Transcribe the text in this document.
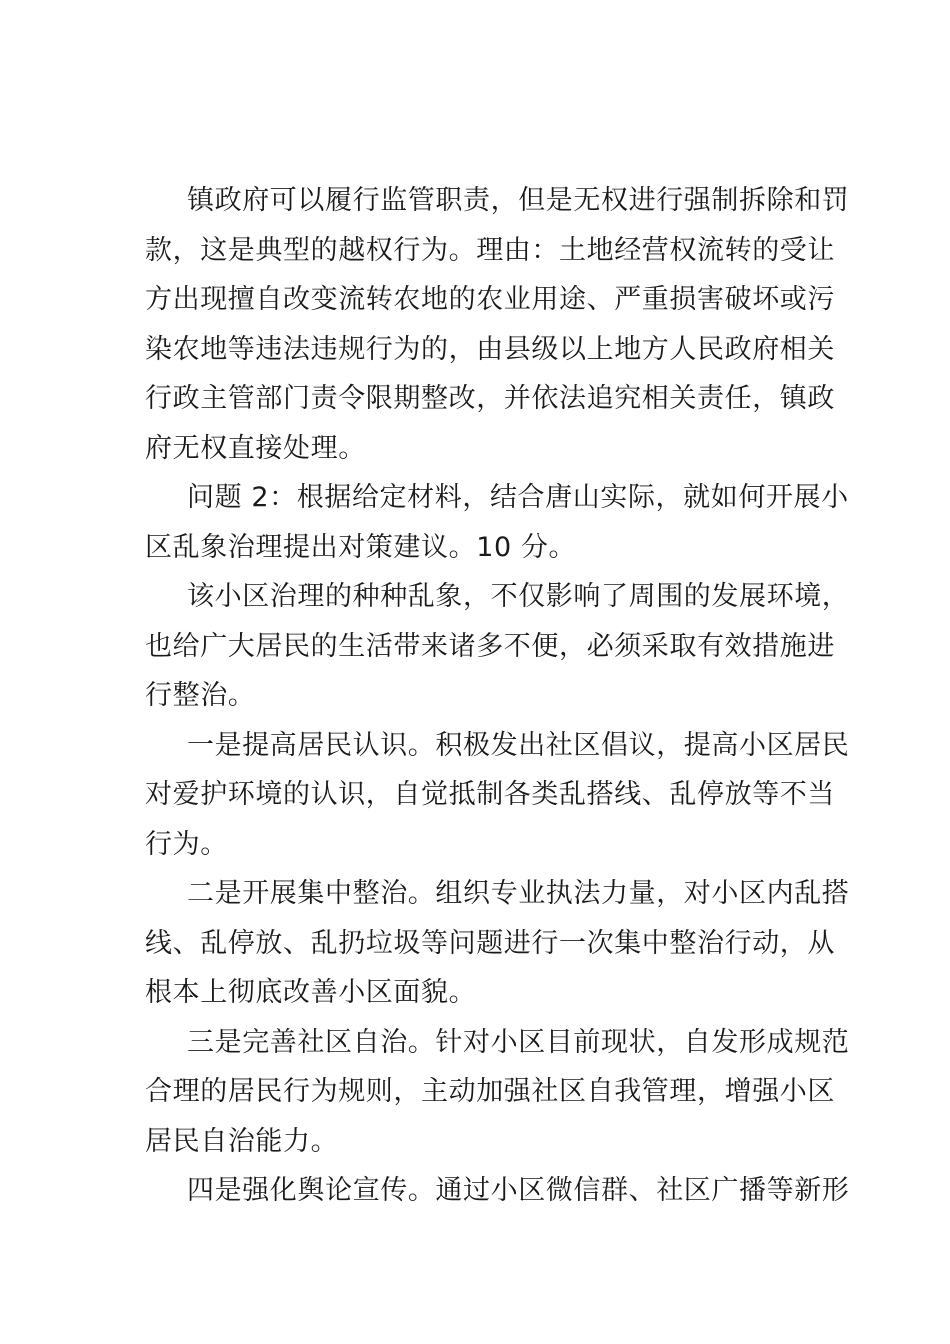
镇政府可以履行监管职责，但是无权进行强制拆除和罚
款，这是典型的越权行为。理由：土地经营权流转的受让
方出现擅自改变流转农地的农业用途、严重损害破坏或污
染农地等违法违规行为的，由县级以上地方人民政府相关
行政主管部门责令限期整改，并依法追究相关责任，镇政
府无权直接处理。
问题 2：根据给定材料，结合唐山实际，就如何开展小
区乱象治理提出对策建议。10 分。
该小区治理的种种乱象，不仅影响了周围的发展环境，
也给广大居民的生活带来诸多不便，必须采取有效措施进
行整治。
一是提高居民认识。积极发出社区倡议，提高小区居民
对爱护环境的认识，自觉抵制各类乱搭线、乱停放等不当
行为。
二是开展集中整治。组织专业执法力量，对小区内乱搭
线、乱停放、乱扔垃圾等问题进行一次集中整治行动，从
根本上彻底改善小区面貌。
三是完善社区自治。针对小区目前现状，自发形成规范
合理的居民行为规则，主动加强社区自我管理，增强小区
居民自治能力。
四是强化舆论宣传。通过小区微信群、社区广播等新形
